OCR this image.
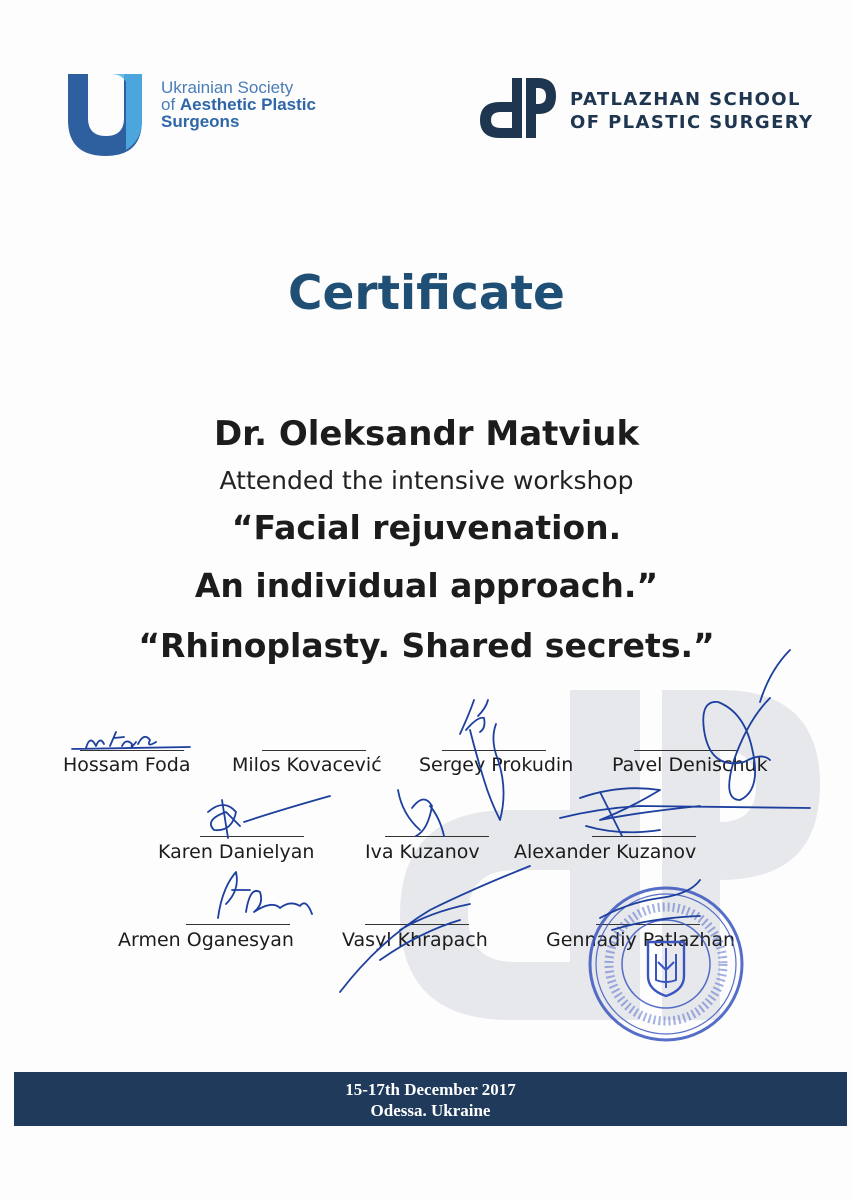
Ukrainian Society
of Aesthetic Plastic
Surgeons
PATLAZHAN SCHOOL
OF PLASTIC SURGERY
Certificate
Dr. Oleksandr Matviuk
Attended the intensive workshop
“Facial rejuvenation.
An individual approach.”
“Rhinoplasty. Shared secrets.”
Hossam Foda Milos Kovacević Sergey Prokudin Pavel Denischuk
Karen Danielyan	Iva Kuzanov Alexander Kuzanov
Armen Oganesyan	Vasyl Khrapach	Gennadiy Patlazhan
15-17th December 2017
Odessa. Ukraine
